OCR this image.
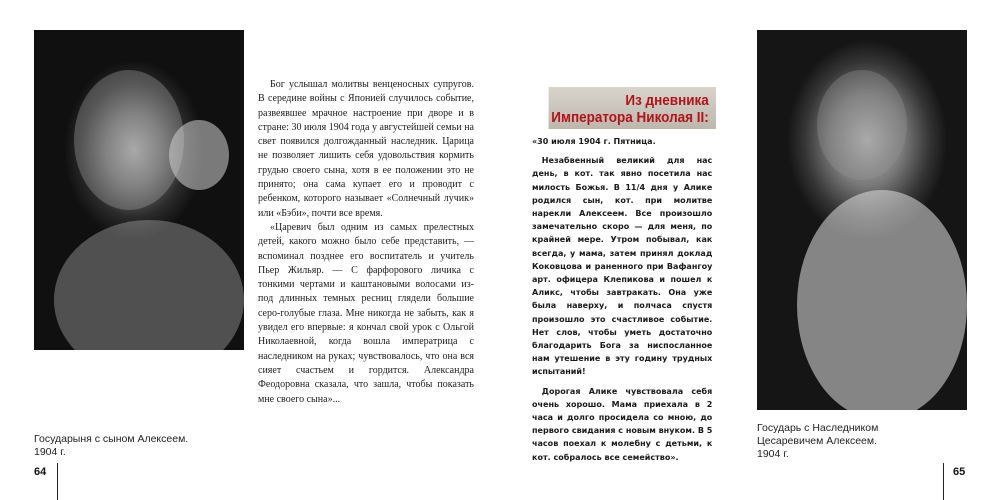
Государыня с сыном Алексеем.
1904 г.
64

Бог услышал молитвы венценосных супругов. В середине войны с Японией случилось событие, развеявшее мрачное настроение при дворе и в стране: 30 июля 1904 года у августейшей семьи на свет появился долгожданный наследник. Царица не позволяет лишить себя удовольствия кормить грудью своего сына, хотя в ее положении это не принято; она сама купает его и проводит с ребенком, которого называет «Солнечный лучик» или «Бэби», почти все время.

«Царевич был одним из самых прелестных детей, какого можно было себе представить, — вспоминал позднее его воспитатель и учитель Пьер Жильяр. — С фарфорового личика с тонкими чертами и каштановыми волосами из-под длинных темных ресниц глядели большие серо-голубые глаза. Мне никогда не забыть, как я увидел его впервые: я кончал свой урок с Ольгой Николаевной, когда вошла императрица с наследником на руках; чувствовалось, что она вся сияет счастьем и гордится. Александра Феодоровна сказала, что зашла, чтобы показать мне своего сына»...

Из дневника
Императора Николая II:

«30 июля 1904 г. Пятница.

Незабвенный великий для нас день, в кот. так явно посетила нас милость Божья. В 11/4 дня у Алике родился сын, кот. при молитве нарекли Алексеем. Все произошло замечательно скоро — для меня, по крайней мере. Утром побывал, как всегда, у мама, затем принял доклад Коковцова и раненного при Вафангоу арт. офицера Клепикова и пошел к Аликс, чтобы завтракать. Она уже была наверху, и полчаса спустя произошло это счастливое событие. Нет слов, чтобы уметь достаточно благодарить Бога за ниспосланное нам утешение в эту годину трудных испытаний!

Дорогая Алике чувствовала себя очень хорошо. Мама приехала в 2 часа и долго просидела со мною, до первого свидания с новым внуком. В 5 часов поехал к молебну с детьми, к кот. собралось все семейство».

Государь с Наследником
Цесаревичем Алексеем.
1904 г.
65
